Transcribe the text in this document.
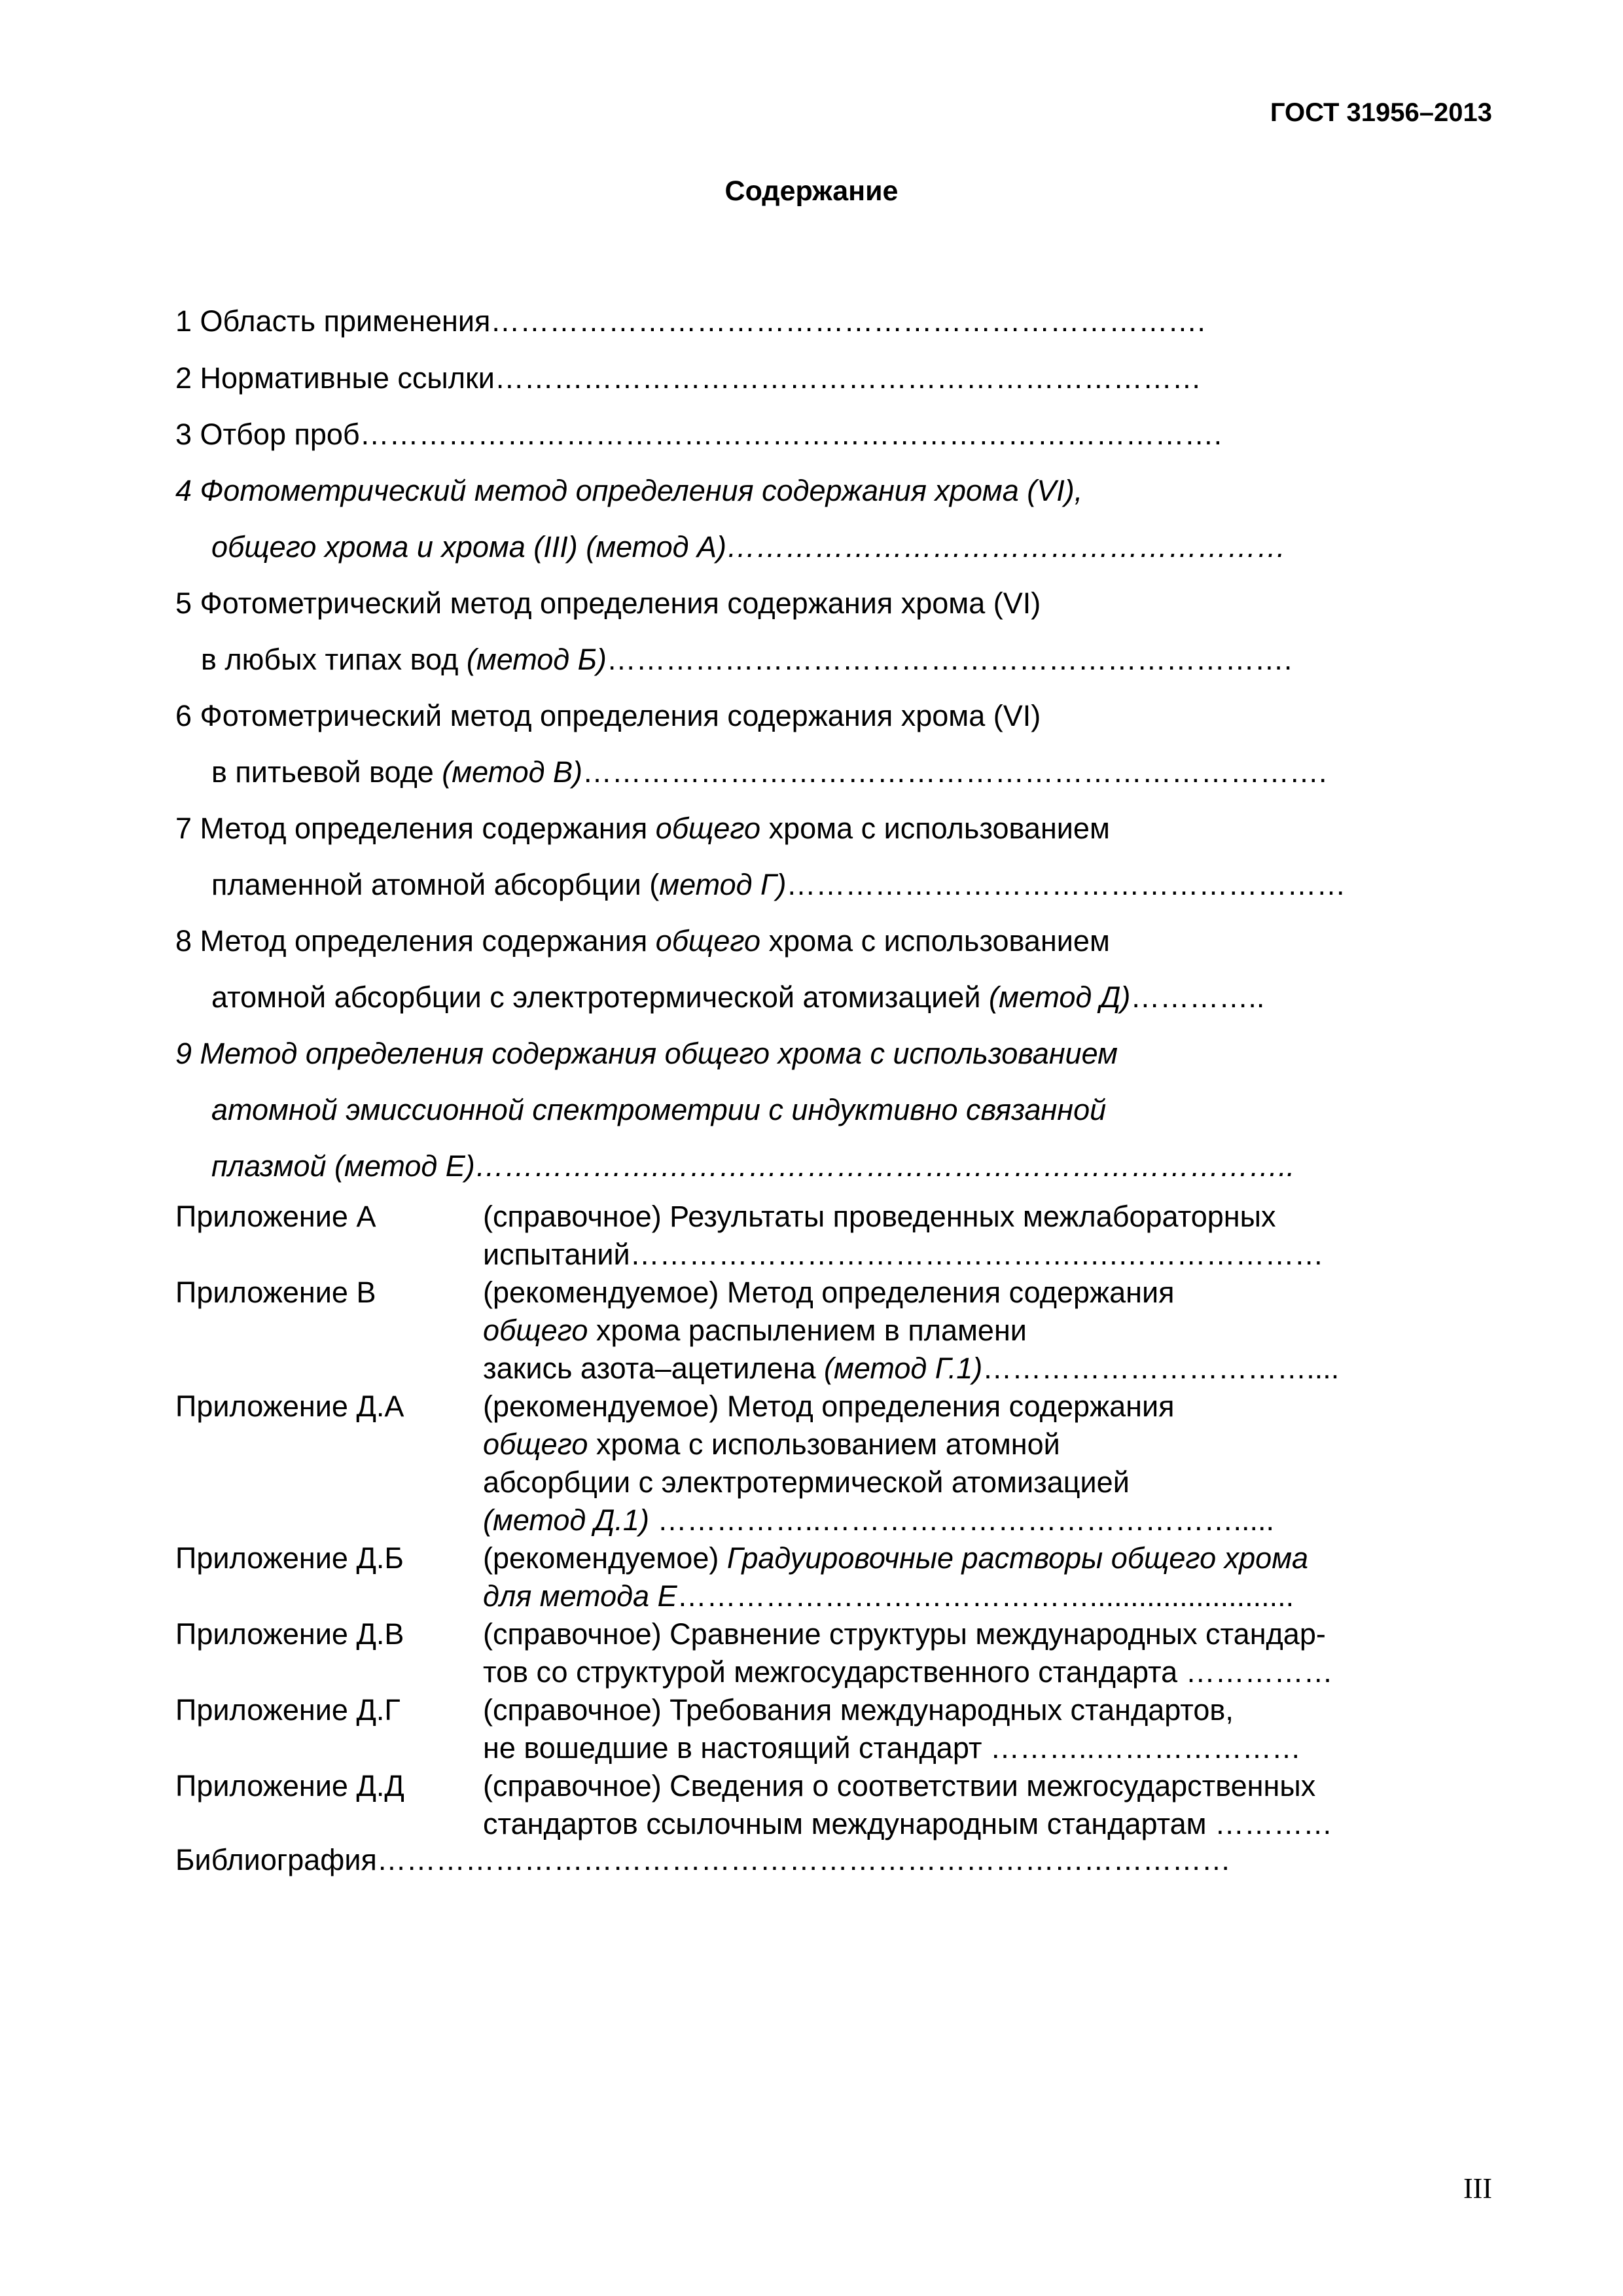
ГОСТ 31956–2013
Содержание
1 Область применения……………………………………………………………….
2 Нормативные ссылки………………………………………………………………
3 Отбор проб…………………………………………………………………………….
4 Фотометрический метод определения содержания хрома (VI),
общего хрома и хрома (III) (метод А)…………………………………………………
5 Фотометрический метод определения содержания хрома (VI)
в любых типах вод (метод Б)…………………………………………………………….
6 Фотометрический метод определения содержания хрома (VI)
в питьевой воде (метод В)………………………………………………………………….
7 Метод определения содержания общего хрома с использованием
пламенной атомной абсорбции (метод Г)…………………………………………………
8 Метод определения содержания общего хрома с использованием
атомной абсорбции с электротермической атомизацией (метод Д)…………..
9 Метод определения содержания общего хрома с использованием
атомной эмиссионной спектрометрии с индуктивно связанной
плазмой (метод Е)……………….………………………………………………………..
Приложение А	(справочное) Результаты проведенных межлабораторных
испытаний……………………………………….….…………………
Приложение В	(рекомендуемое) Метод определения содержания
общего хрома распылением в пламени
закись азота–ацетилена (метод Г.1)……………………………....
Приложение Д.А	(рекомендуемое) Метод определения содержания
общего хрома с использованием атомной
абсорбции с электротермической атомизацией
(метод Д.1) ……………..…………………………………….....
Приложение Д.Б	(рекомендуемое) Градуировочные растворы общего хрома
для метода Е…………………………………….........................
Приложение Д.В	(справочное) Сравнение структуры международных стандар-
тов со структурой межгосударственного стандарта ……………
Приложение Д.Г	(справочное) Требования международных стандартов,
не вошедшие в настоящий стандарт ………..…………………
Приложение Д.Д	(справочное) Сведения о соответствии межгосударственных
стандартов ссылочным международным стандартам …………
Библиография……………………………………………………………………………
III
